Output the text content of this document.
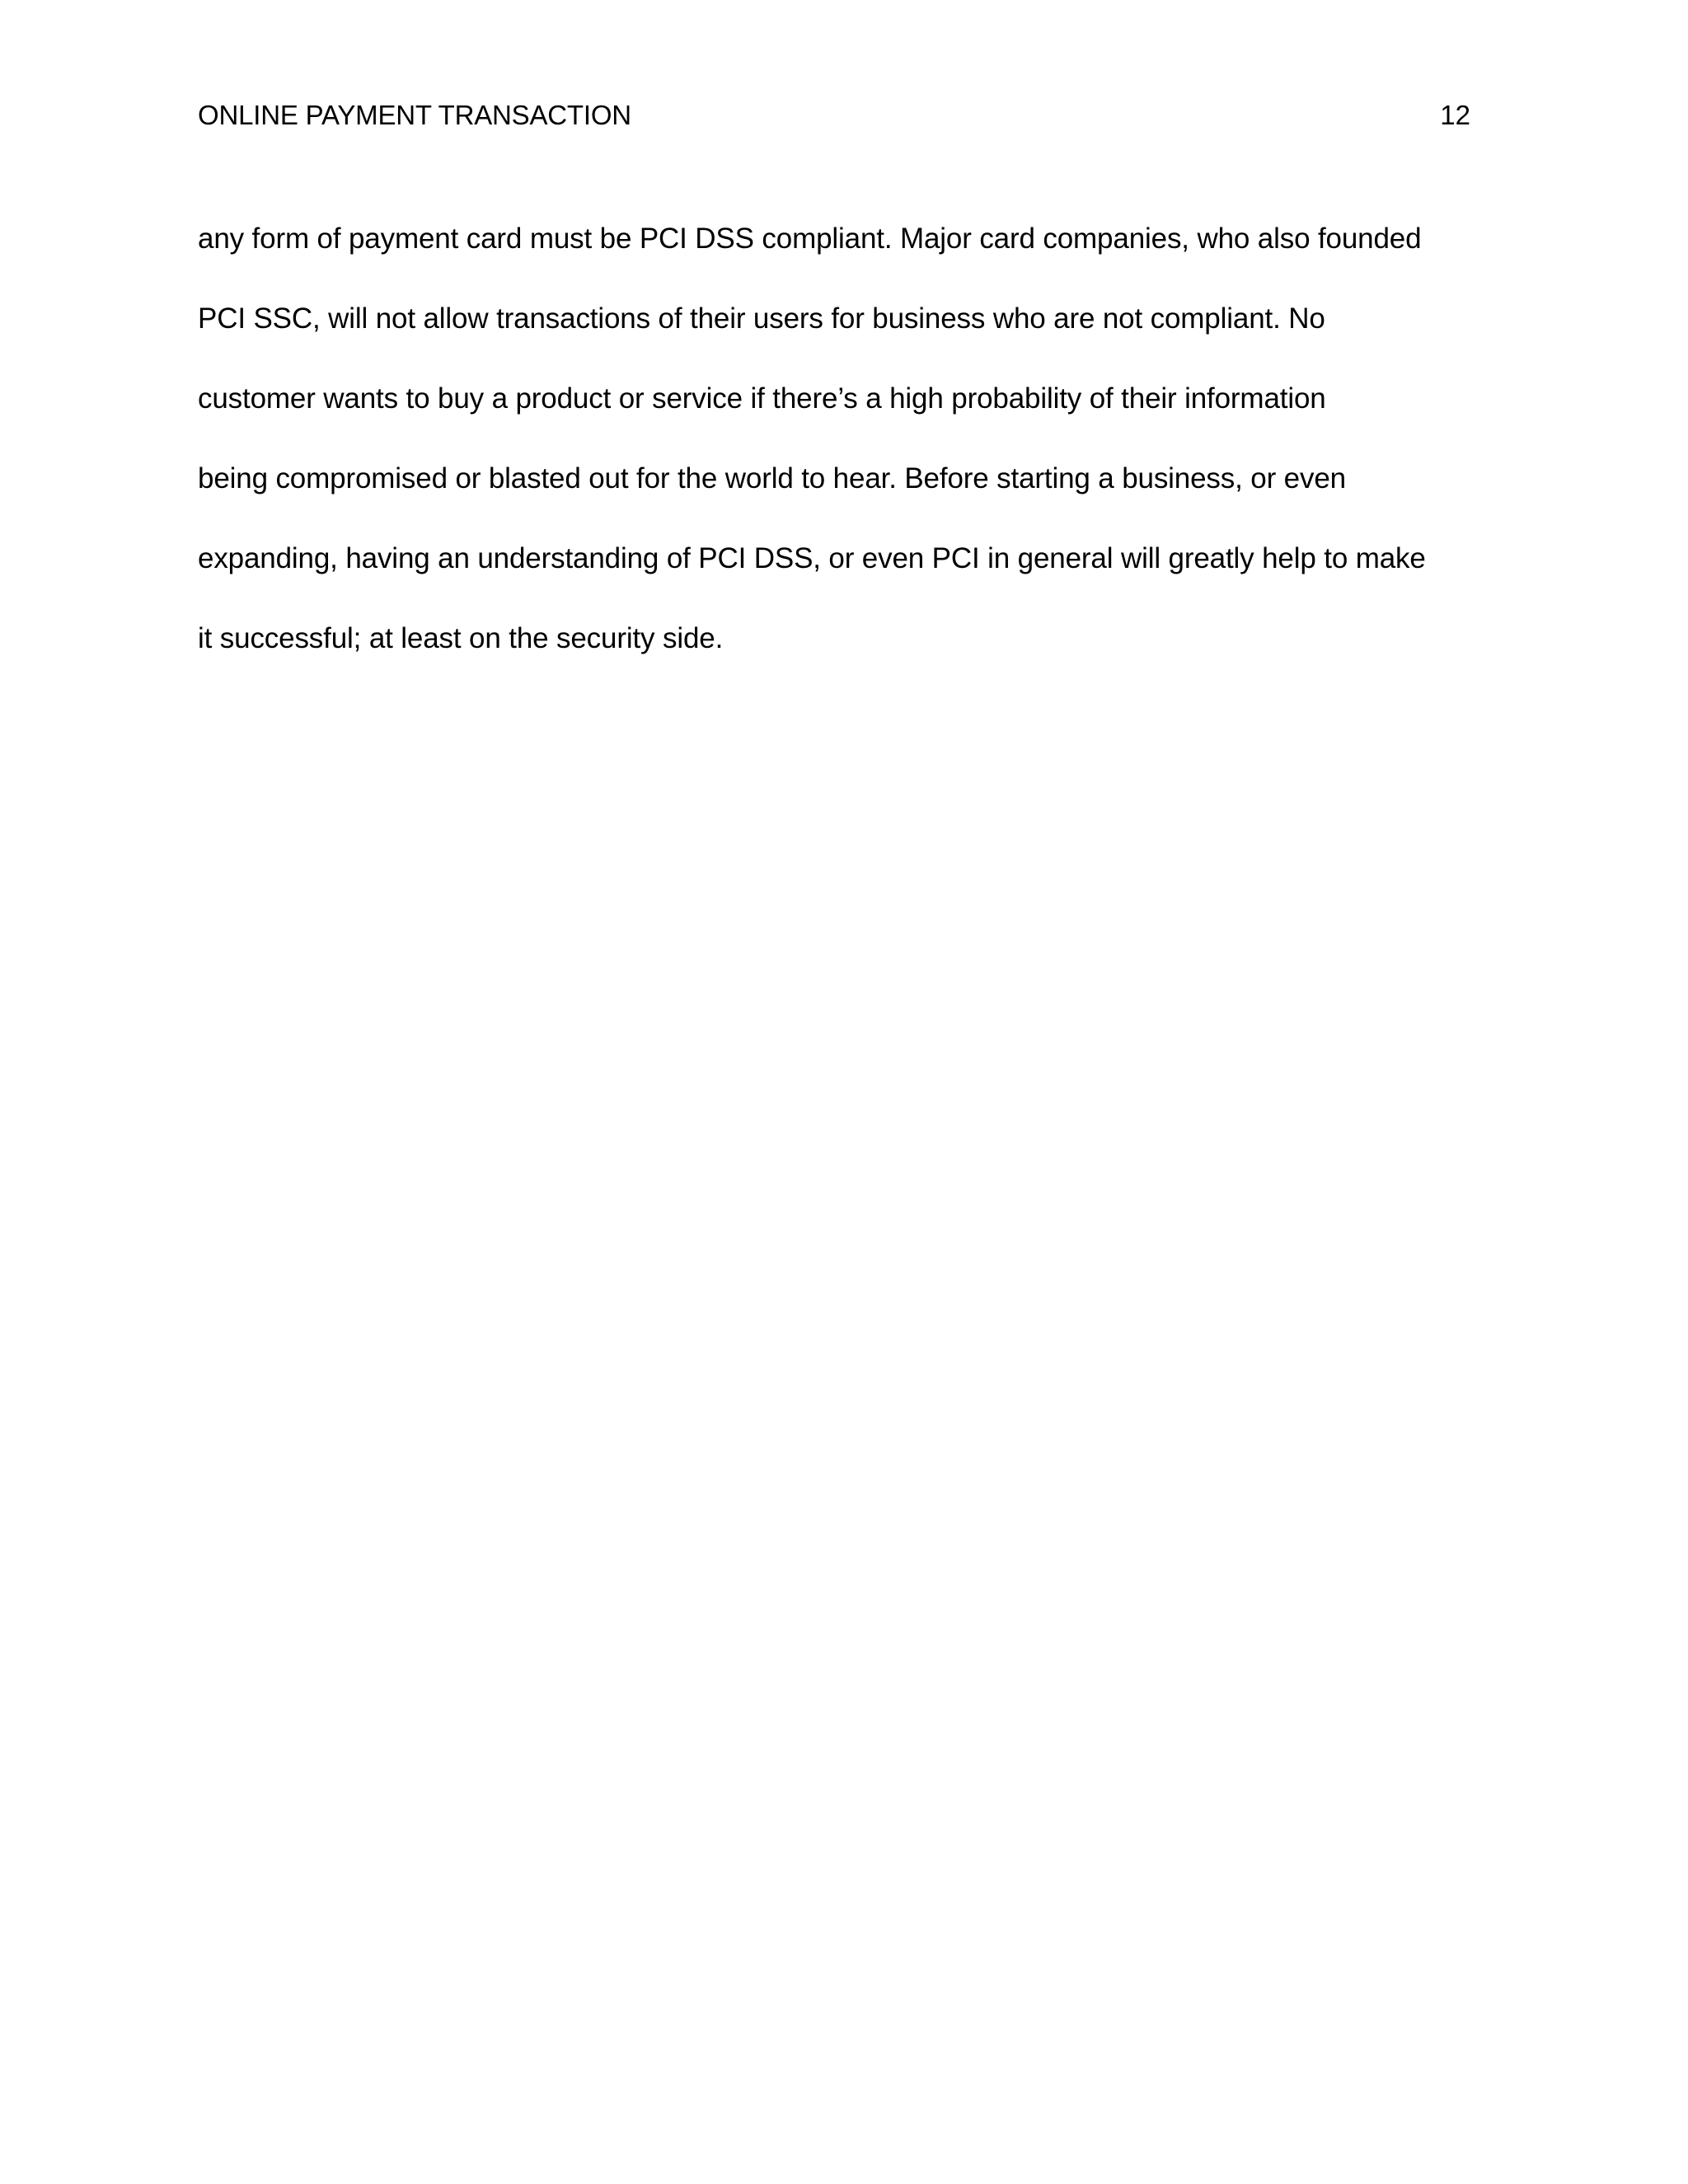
ONLINE PAYMENT TRANSACTION	12
any form of payment card must be PCI DSS compliant. Major card companies, who also founded
PCI SSC, will not allow transactions of their users for business who are not compliant. No
customer wants to buy a product or service if there’s a high probability of their information
being compromised or blasted out for the world to hear. Before starting a business, or even
expanding, having an understanding of PCI DSS, or even PCI in general will greatly help to make
it successful; at least on the security side.
